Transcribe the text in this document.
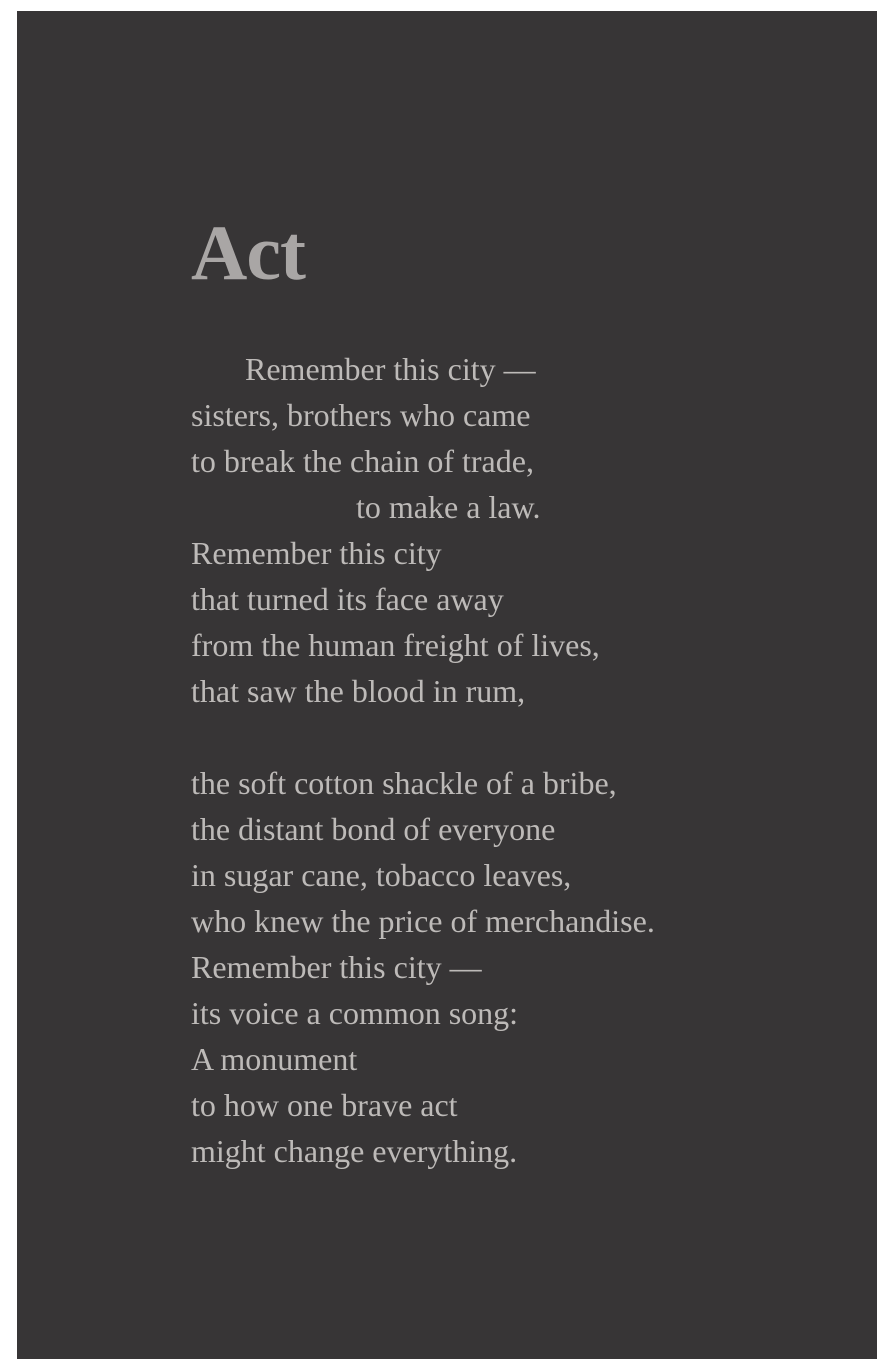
Act
Remember this city —
sisters, brothers who came
to break the chain of trade,
to make a law.
Remember this city
that turned its face away
from the human freight of lives,
that saw the blood in rum,
the soft cotton shackle of a bribe,
the distant bond of everyone
in sugar cane, tobacco leaves,
who knew the price of merchandise.
Remember this city —
its voice a common song:
A monument
to how one brave act
might change everything.
